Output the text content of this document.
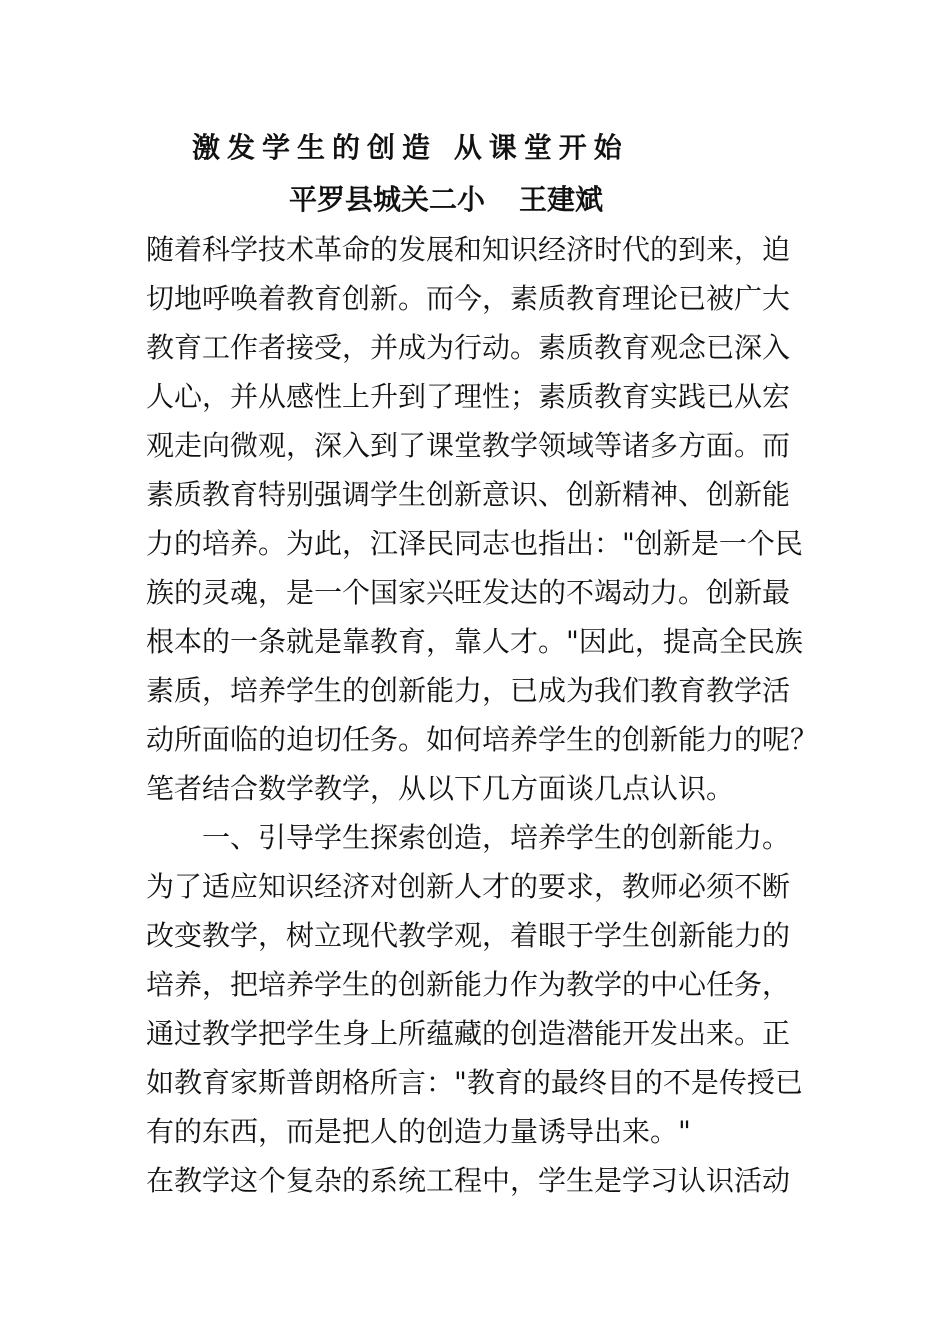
激发学生的创造 从课堂开始
平罗县城关二小 王建斌

随着科学技术革命的发展和知识经济时代的到来，迫

切地呼唤着教育创新。而今，素质教育理论已被广大

教育工作者接受，并成为行动。素质教育观念已深入

人心，并从感性上升到了理性；素质教育实践已从宏

观走向微观，深入到了课堂教学领域等诸多方面。而

素质教育特别强调学生创新意识、创新精神、创新能

力的培养。为此，江泽民同志也指出："创新是一个民

族的灵魂，是一个国家兴旺发达的不竭动力。创新最

根本的一条就是靠教育，靠人才。"因此，提高全民族

素质，培养学生的创新能力，已成为我们教育教学活

动所面临的迫切任务。如何培养学生的创新能力的呢？

笔者结合数学教学，从以下几方面谈几点认识。

一、引导学生探索创造，培养学生的创新能力。

为了适应知识经济对创新人才的要求，教师必须不断

改变教学，树立现代教学观，着眼于学生创新能力的

培养，把培养学生的创新能力作为教学的中心任务，

通过教学把学生身上所蕴藏的创造潜能开发出来。正

如教育家斯普朗格所言："教育的最终目的不是传授已

有的东西，而是把人的创造力量诱导出来。"

在教学这个复杂的系统工程中，学生是学习认识活动
